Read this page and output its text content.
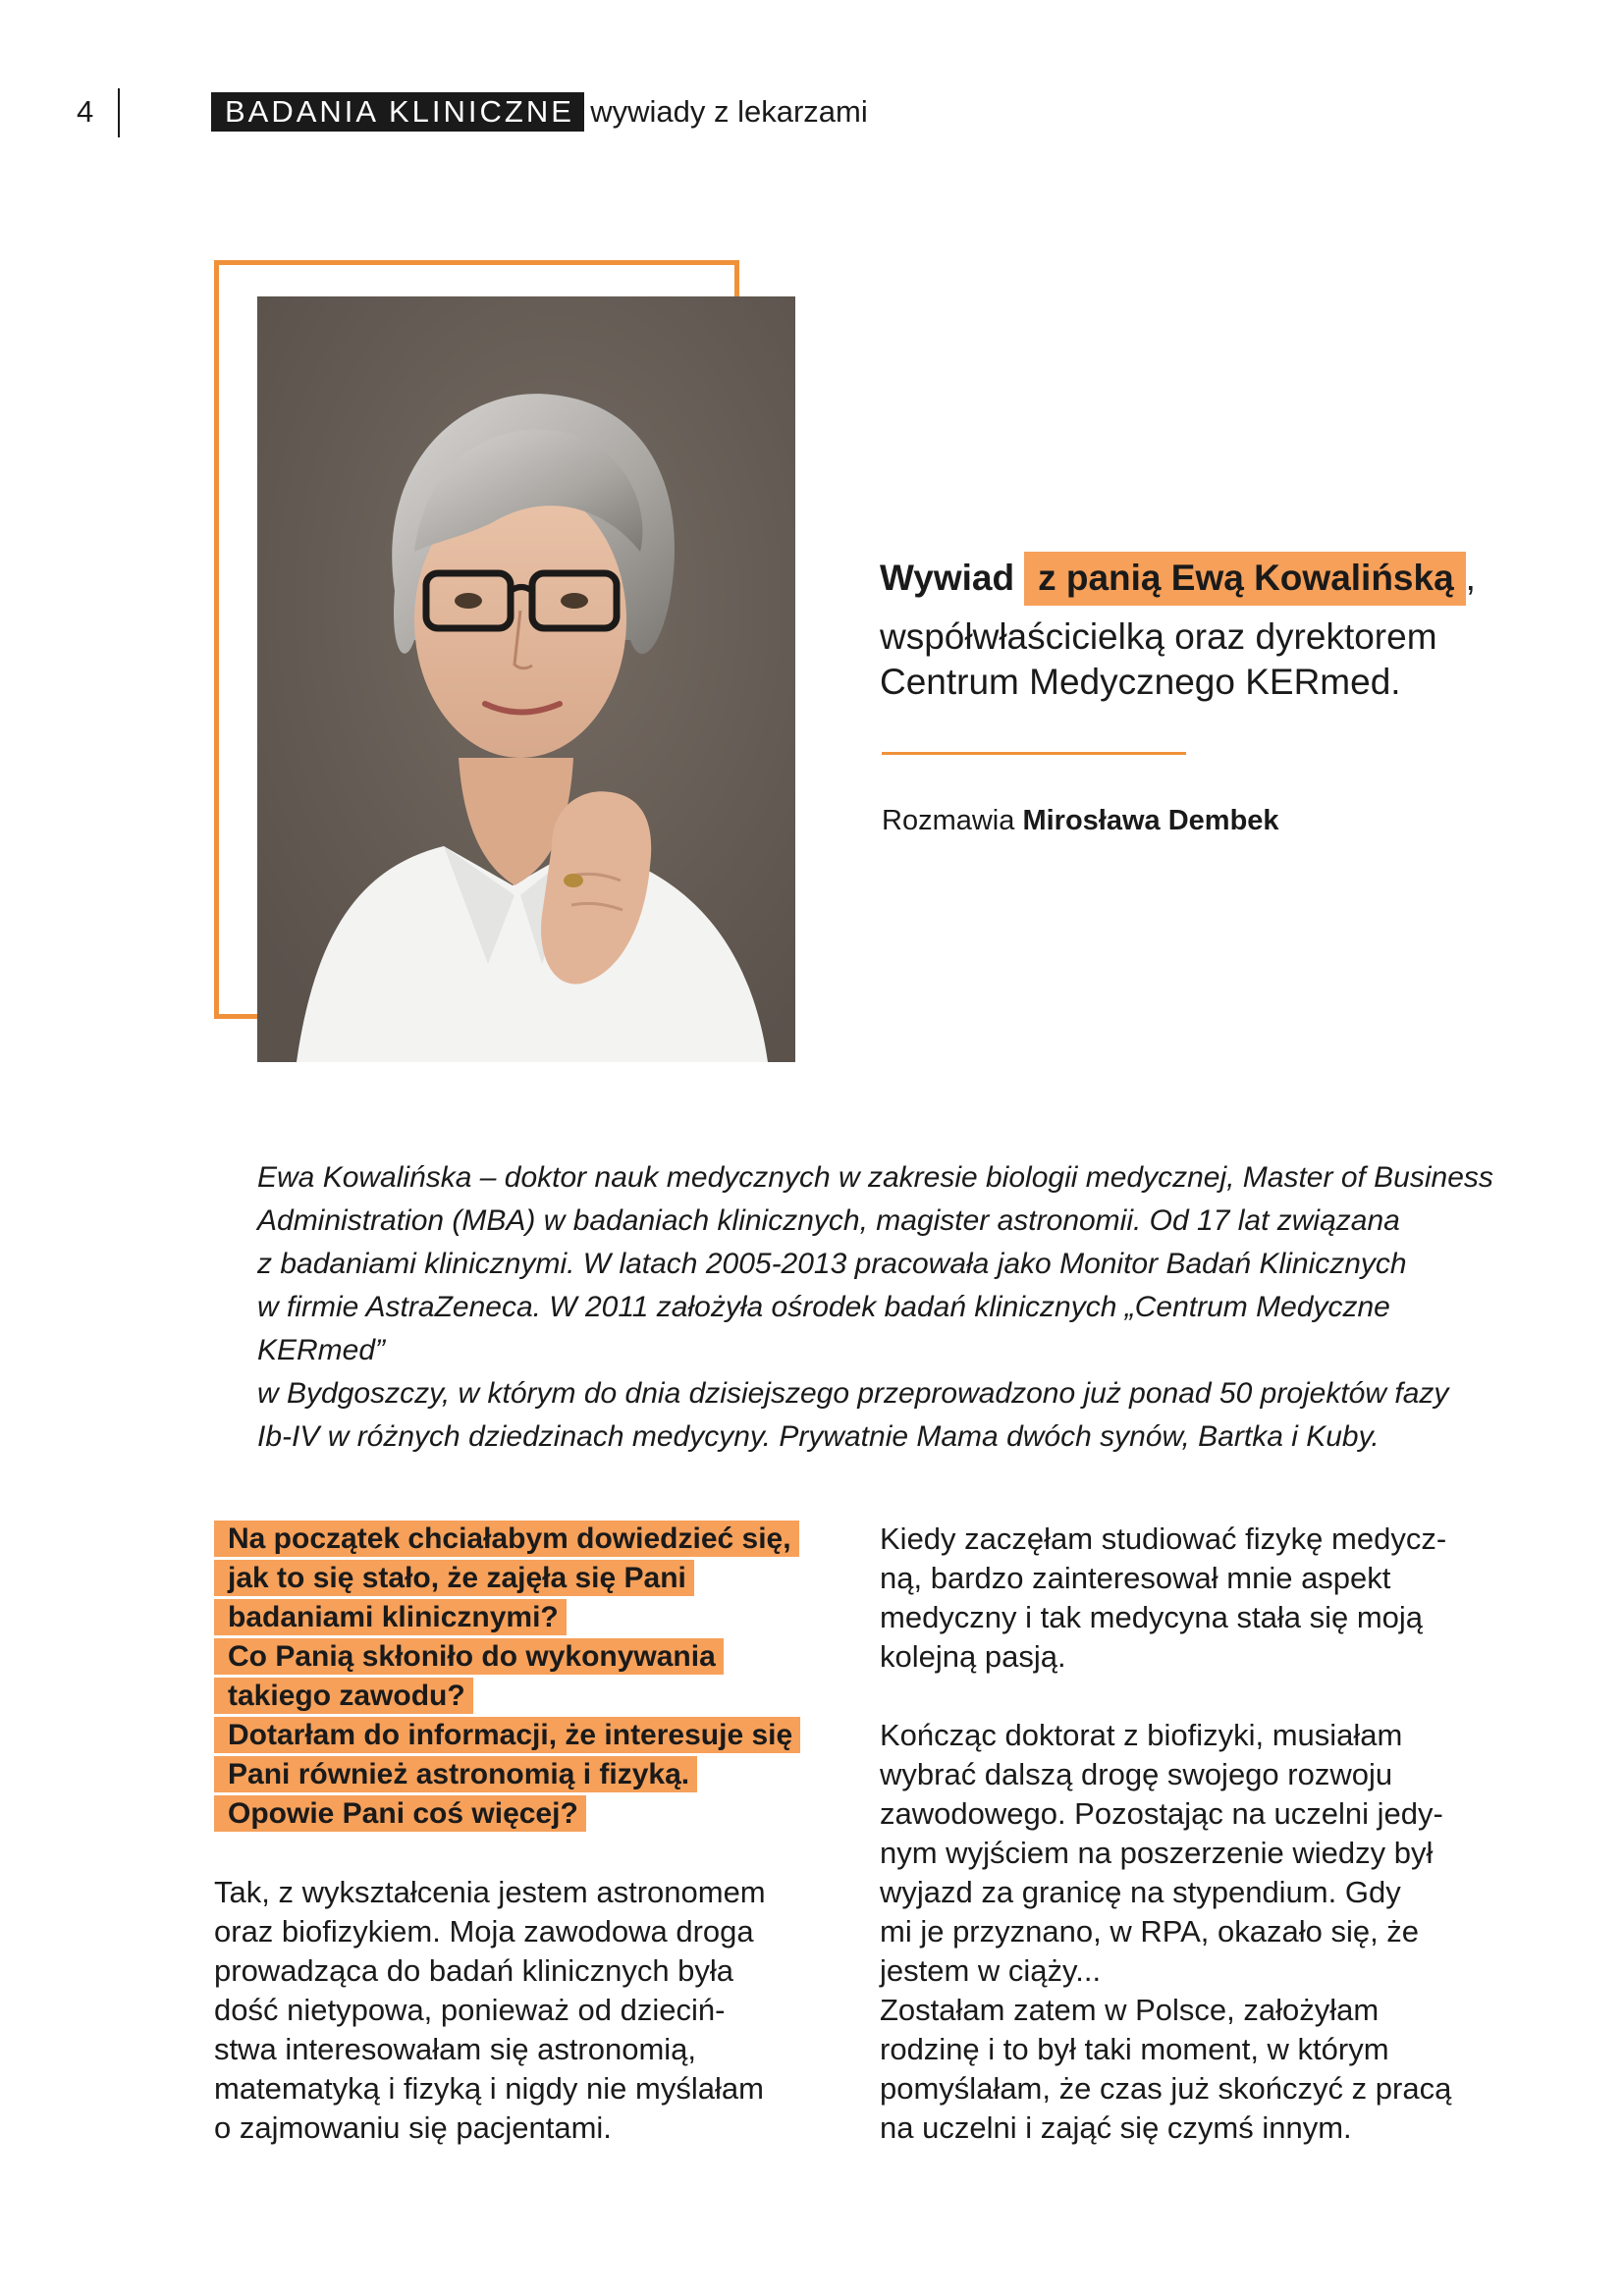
4	BADANIA KLINICZNE / wywiady z lekarzami
Wywiad z panią Ewą Kowalińską ,
współwłaścicielką oraz dyrektorem
Centrum Medycznego KERmed.
Rozmawia Mirosława Dembek
Ewa Kowalińska – doktor nauk medycznych w zakresie biologii medycznej, Master of Business
Administration (MBA) w badaniach klinicznych, magister astronomii. Od 17 lat związana
z badaniami klinicznymi. W latach 2005-2013 pracowała jako Monitor Badań Klinicznych
w firmie AstraZeneca. W 2011 założyła ośrodek badań klinicznych „Centrum Medyczne KERmed”
w Bydgoszczy, w którym do dnia dzisiejszego przeprowadzono już ponad 50 projektów fazy
Ib-IV w różnych dziedzinach medycyny. Prywatnie Mama dwóch synów, Bartka i Kuby.
Na początek chciałabym dowiedzieć się,
jak to się stało, że zajęła się Pani
badaniami klinicznymi?
Co Panią skłoniło do wykonywania
takiego zawodu?
Dotarłam do informacji, że interesuje się
Pani również astronomią i fizyką.
Opowie Pani coś więcej?

Tak, z wykształcenia jestem astronomem

oraz biofizykiem. Moja zawodowa droga

prowadząca do badań klinicznych była

dość nietypowa, ponieważ od dzieciń-

stwa interesowałam się astronomią,

matematyką i fizyką i nigdy nie myślałam

o zajmowaniu się pacjentami.

Kiedy zaczęłam studiować fizykę medycz-

ną, bardzo zainteresował mnie aspekt

medyczny i tak medycyna stała się moją

kolejną pasją.

Kończąc doktorat z biofizyki, musiałam

wybrać dalszą drogę swojego rozwoju

zawodowego. Pozostając na uczelni jedy-

nym wyjściem na poszerzenie wiedzy był

wyjazd za granicę na stypendium. Gdy

mi je przyznano, w RPA, okazało się, że

jestem w ciąży...

Zostałam zatem w Polsce, założyłam

rodzinę i to był taki moment, w którym

pomyślałam, że czas już skończyć z pracą

na uczelni i zająć się czymś innym.
